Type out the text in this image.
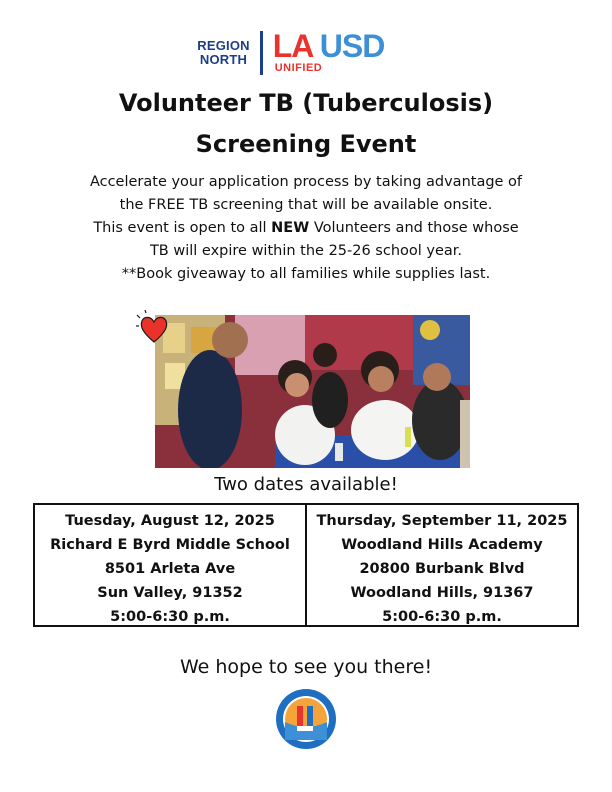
REGION
NORTH LA USD
UNIFIED
Volunteer TB (Tuberculosis)
Screening Event
Accelerate your application process by taking advantage of
the FREE TB screening that will be available onsite.
This event is open to all NEW Volunteers and those whose
TB will expire within the 25-26 school year.
**Book giveaway to all families while supplies last.
Two dates available!
Tuesday, August 12, 2025
Richard E Byrd Middle School
8501 Arleta Ave
Sun Valley, 91352
5:00-6:30 p.m.
Thursday, September 11, 2025
Woodland Hills Academy
20800 Burbank Blvd
Woodland Hills, 91367
5:00-6:30 p.m.
We hope to see you there!
